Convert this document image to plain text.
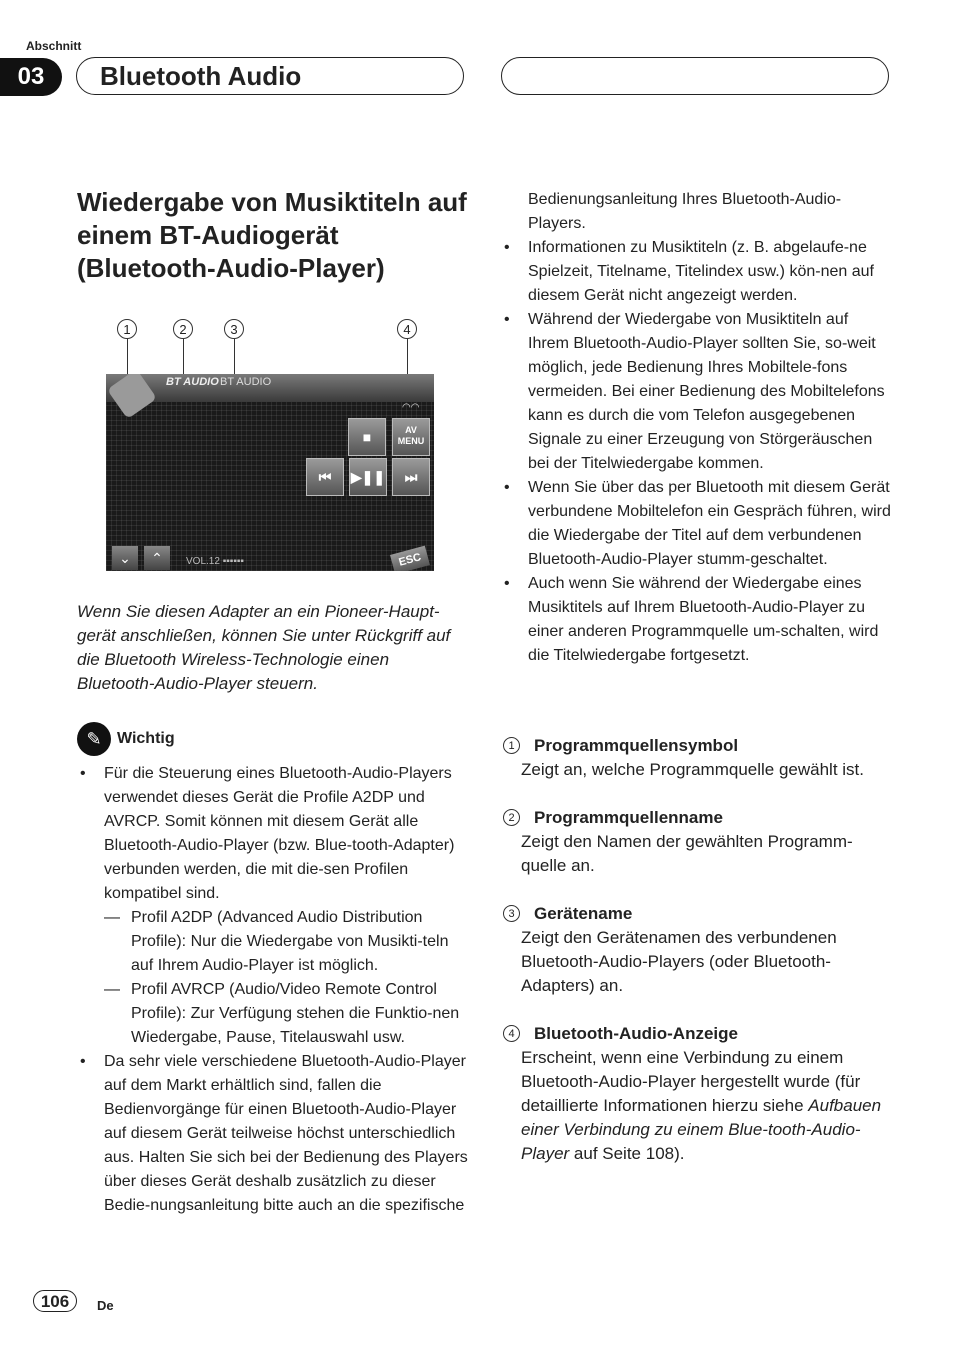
Abschnitt
03	Bluetooth Audio
Wiedergabe von Musiktiteln auf einem BT-Audiogerät (Bluetooth-Audio-Player)
1	2	3	4
BT AUDIO BT AUDIO
◠◠
■	AV MENU
⏮	▶❚❚	⏭
⌄	⌃	VOL.12 ▪▪▪▪▪▪	ESC
Wenn Sie diesen Adapter an ein Pioneer-Haupt-gerät anschließen, können Sie unter Rückgriff auf die Bluetooth Wireless-Technologie einen Bluetooth-Audio-Player steuern.
✎ Wichtig
• Für die Steuerung eines Bluetooth-Audio-Players verwendet dieses Gerät die Profile A2DP und AVRCP. Somit können mit diesem Gerät alle Bluetooth-Audio-Player (bzw. Blue-tooth-Adapter) verbunden werden, die mit die-sen Profilen kompatibel sind.
— Profil A2DP (Advanced Audio Distribution Profile): Nur die Wiedergabe von Musikti-teln auf Ihrem Audio-Player ist möglich.
— Profil AVRCP (Audio/Video Remote Control Profile): Zur Verfügung stehen die Funktio-nen Wiedergabe, Pause, Titelauswahl usw.
• Da sehr viele verschiedene Bluetooth-Audio-Player auf dem Markt erhältlich sind, fallen die Bedienvorgänge für einen Bluetooth-Audio-Player auf diesem Gerät teilweise höchst unterschiedlich aus. Halten Sie sich bei der Bedienung des Players über dieses Gerät deshalb zusätzlich zu dieser Bedie-nungsanleitung bitte auch an die spezifische
Bedienungsanleitung Ihres Bluetooth-Audio-Players.
• Informationen zu Musiktiteln (z. B. abgelaufe-ne Spielzeit, Titelname, Titelindex usw.) kön-nen auf diesem Gerät nicht angezeigt werden.
• Während der Wiedergabe von Musiktiteln auf Ihrem Bluetooth-Audio-Player sollten Sie, so-weit möglich, jede Bedienung Ihres Mobiltele-fons vermeiden. Bei einer Bedienung des Mobiltelefons kann es durch die vom Telefon ausgegebenen Signale zu einer Erzeugung von Störgeräuschen bei der Titelwiedergabe kommen.
• Wenn Sie über das per Bluetooth mit diesem Gerät verbundene Mobiltelefon ein Gespräch führen, wird die Wiedergabe der Titel auf dem verbundenen Bluetooth-Audio-Player stumm-geschaltet.
• Auch wenn Sie während der Wiedergabe eines Musiktitels auf Ihrem Bluetooth-Audio-Player zu einer anderen Programmquelle um-schalten, wird die Titelwiedergabe fortgesetzt.
1	Programmquellensymbol
Zeigt an, welche Programmquelle gewählt ist.
2	Programmquellenname
Zeigt den Namen der gewählten Programm-quelle an.
3	Gerätename
Zeigt den Gerätenamen des verbundenen Bluetooth-Audio-Players (oder Bluetooth-Adapters) an.
4	Bluetooth-Audio-Anzeige
Erscheint, wenn eine Verbindung zu einem Bluetooth-Audio-Player hergestellt wurde (für detaillierte Informationen hierzu siehe Aufbauen einer Verbindung zu einem Blue-tooth-Audio-Player auf Seite 108).
106	De
